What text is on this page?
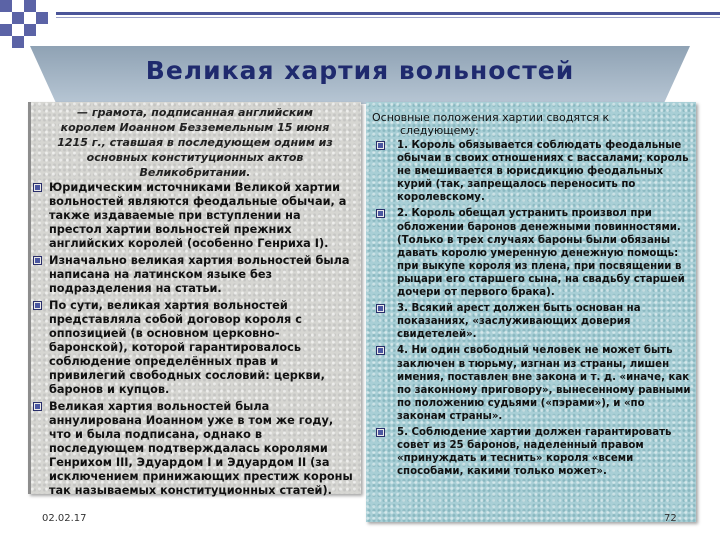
Великая хартия вольностей
— грамота, подписанная английским королем Иоанном Безземельным 15 июня 1215 г., ставшая в последующем одним из основных конституционных актов Великобритании.
Юридическим источниками Великой хартии вольностей являются феодальные обычаи, а также издаваемые при вступлении на престол хартии вольностей прежних английских королей (особенно Генриха I).
Изначально великая хартия вольностей была написана на латинском языке без подразделения на статьи.
По сути, великая хартия вольностей представляла собой договор короля с оппозицией (в основном церковно-баронской), которой гарантировалось соблюдение определённых прав и привилегий свободных сословий: церкви, баронов и купцов.
Великая хартия вольностей была аннулирована Иоанном уже в том же году, что и была подписана, однако в последующем подтверждалась королями Генрихом III, Эдуардом I и Эдуардом II (за исключением принижающих престиж короны так называемых конституционных статей).
Основные положения хартии сводятся к
следующему:
1. Король обязывается соблюдать феодальные обычаи в своих отношениях с вассалами; король не вмешивается в юрисдикцию феодальных курий (так, запрещалось переносить по королевскому.
2. Король обещал устранить произвол при обложении баронов денежными повинностями. (Только в трех случаях бароны были обязаны давать королю умеренную денежную помощь: при выкупе короля из плена, при посвящении в рыцари его старшего сына, на свадьбу старшей дочери от первого брака).
3. Всякий арест должен быть основан на показаниях, «заслуживающих доверия свидетелей».
4. Ни один свободный человек не может быть заключен в тюрьму, изгнан из страны, лишен имения, поставлен вне закона и т. д. «иначе, как по законному приговору», вынесенному равными по положению судьями («пэрами»), и «по законам страны».
5. Соблюдение хартии должен гарантировать совет из 25 баронов, наделенный правом «принуждать и теснить» короля «всеми способами, какими только может».
02.02.17	72
